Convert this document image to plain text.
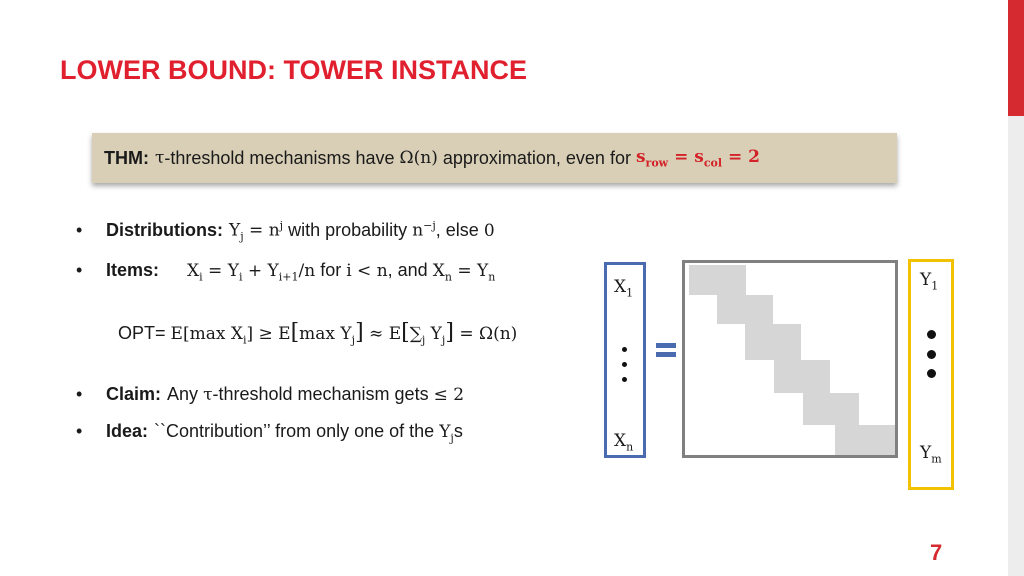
LOWER BOUND: TOWER INSTANCE
THM: τ -threshold mechanisms have
Ω(n)
approximation, even for
$s_{row} = s_{col} = 2$
•	Distributions: $Y_j = n^j$
with probability
$n^{-j}$ , else
0
•	Items: $X_i = Y_i + Y_{i+1}/n$
for
i < n , and
$X_n = Y_n$
OPT= E[max $X_i] \ge E[\max$ $Y_j] \approx E[\sum_j$ $Y_j] = \Omega(n)$
•	Claim: Any
τ -threshold mechanism gets
≤ 2
•	Idea: ``Contribution’’ from only one of the
$Y_j$ s
$X_1$
$X_n$
$Y_1$
$Y_m$
7
